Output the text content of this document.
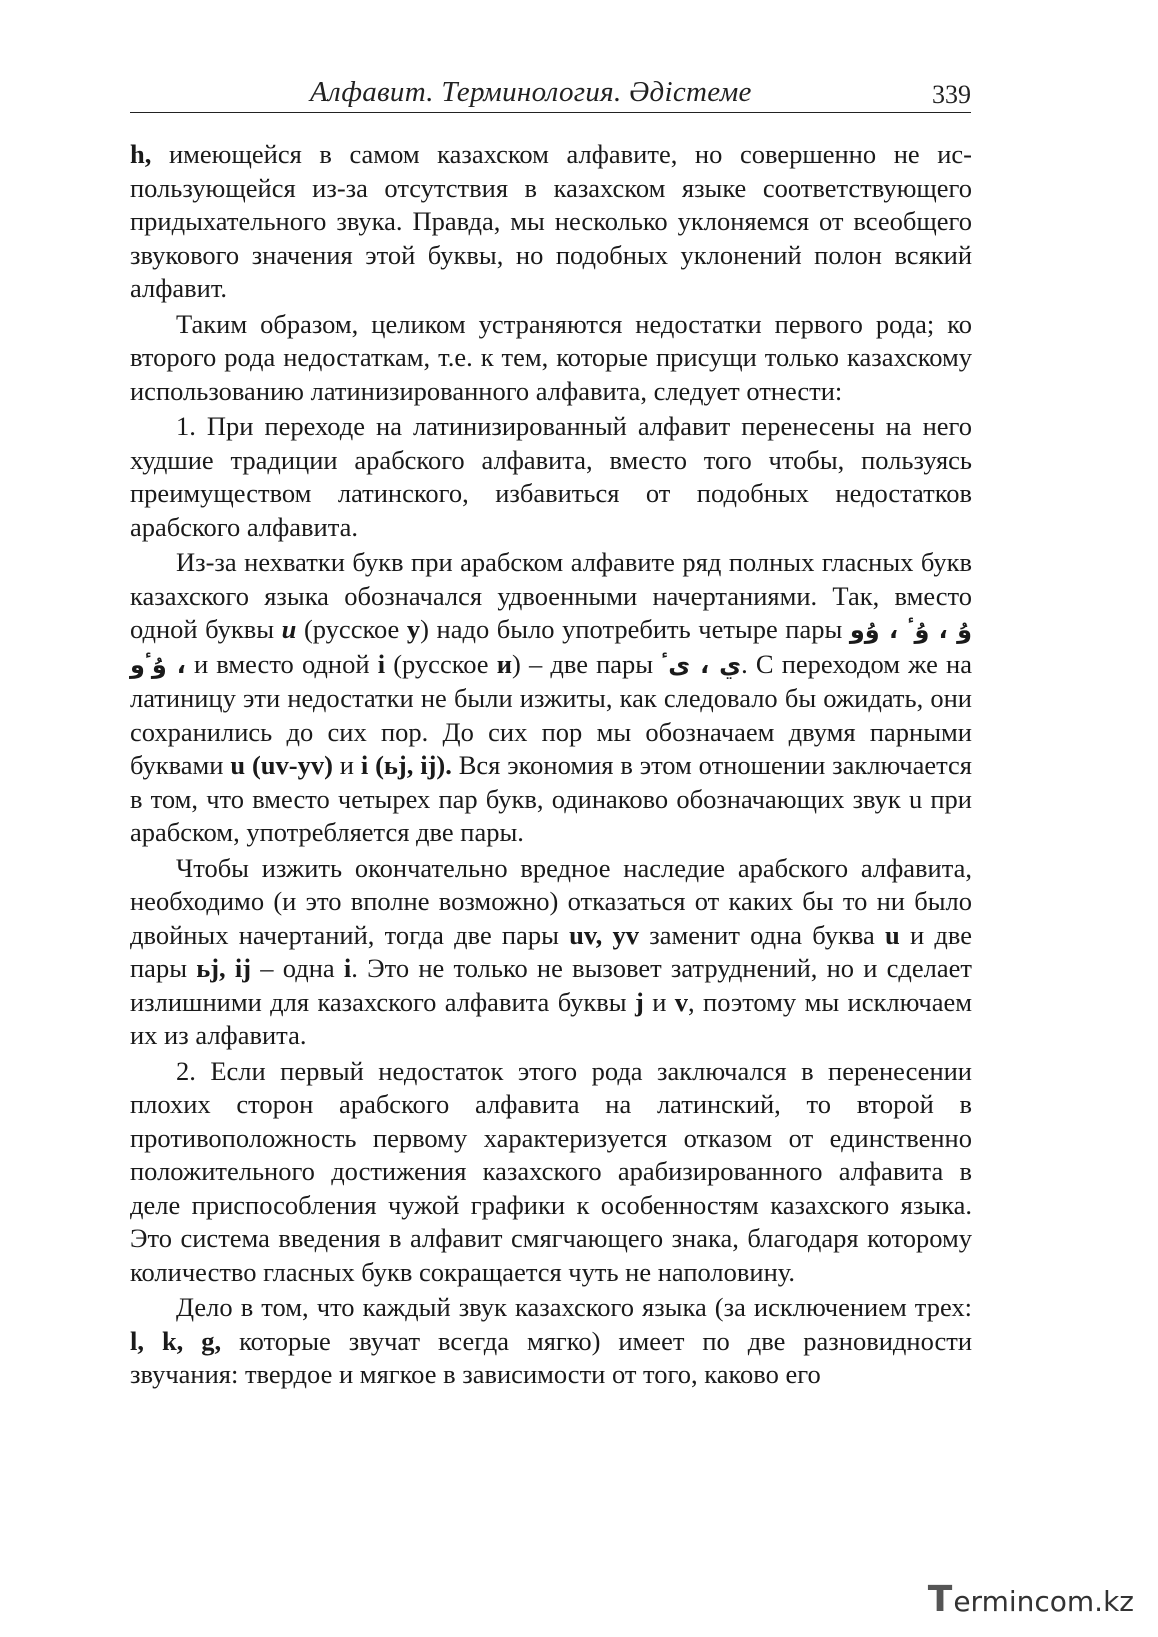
Алфавит. Терминология. Әдістеме	339

h, имеющейся в самом казахском алфавите, но совершенно не использующейся из-за отсутствия в казахском языке соответствующего придыхательного звука. Правда, мы несколько уклоняемся от всеобщего звукового значения этой буквы, но подобных уклонений полон всякий алфавит.

Таким образом, целиком устраняются недостатки первого рода; ко второго рода недостаткам, т.е. к тем, которые присущи только казахскому использованию латинизированного алфавита, следует отнести:

1. При переходе на латинизированный алфавит перенесены на него худшие традиции арабского алфавита, вместо того чтобы, пользуясь преимуществом латинского, избавиться от подобных недостатков арабского алфавита.

Из-за нехватки букв при арабском алфавите ряд полных гласных букв казахского языка обозначался удвоенными начертаниями. Так, вместо одной буквы u (русское у) надо было употребить четыре пары ۇ ، ۇٴ ، ۇو ، ۇٴو и вместо одной i (русское и) – две пары ي ، ىٴ. С переходом же на латиницу эти недостатки не были изжиты, как следовало бы ожидать, они сохранились до сих пор. До сих пор мы обозначаем двумя парными буквами u (uv-yv) и i (ьj, ij). Вся экономия в этом отношении заключается в том, что вместо четырех пар букв, одинаково обозначающих звук u при арабском, употребляется две пары.

Чтобы изжить окончательно вредное наследие арабского алфавита, необходимо (и это вполне возможно) отказаться от каких бы то ни было двойных начертаний, тогда две пары uv, yv заменит одна буква u и две пары ьj, ij – одна i. Это не только не вызовет затруднений, но и сделает излишними для казахского алфавита буквы j и v, поэтому мы исключаем их из алфавита.

2. Если первый недостаток этого рода заключался в перенесении плохих сторон арабского алфавита на латинский, то второй в противоположность первому характеризуется отказом от единственно положительного достижения казахского арабизированного алфавита в деле приспособления чужой графики к особенностям казахского языка. Это система введения в алфавит смягчающего знака, благодаря которому количество гласных букв сокращается чуть не наполовину.

Дело в том, что каждый звук казахского языка (за исключением трех: l, k, g, которые звучат всегда мягко) имеет по две разновидности звучания: твердое и мягкое в зависимости от того, каково его

T ermincom.kz
